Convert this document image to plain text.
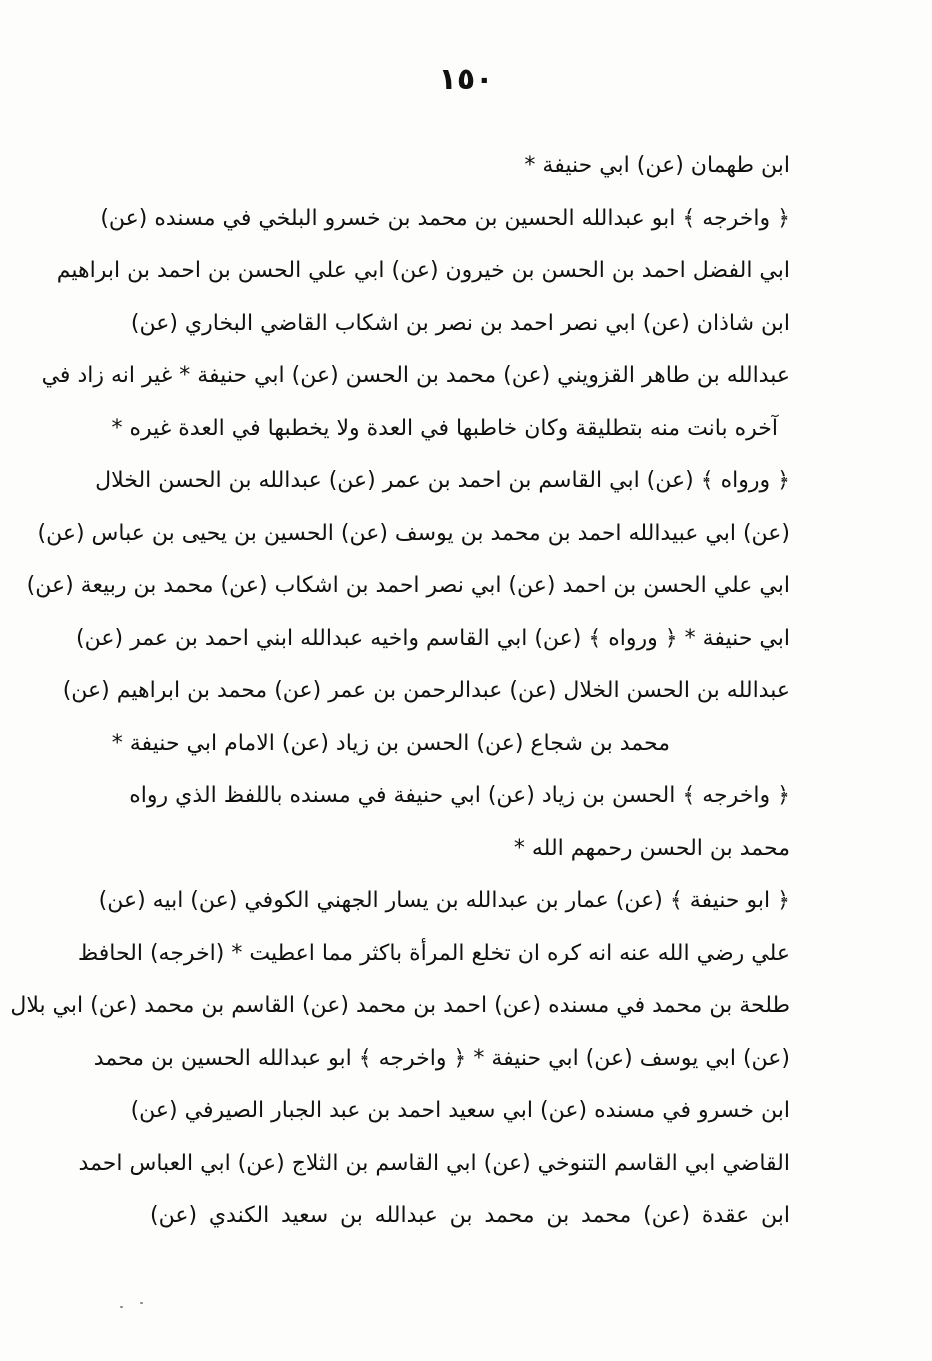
١٥٠
ابن طهمان (عن) ابي حنيفة *
﴿ واخرجه ﴾ ابو عبدالله الحسين بن محمد بن خسرو البلخي في مسنده (عن)
ابي الفضل احمد بن الحسن بن خيرون (عن) ابي علي الحسن بن احمد بن ابراهيم
ابن شاذان (عن) ابي نصر احمد بن نصر بن اشكاب القاضي البخاري (عن)
عبدالله بن طاهر القزويني (عن) محمد بن الحسن (عن) ابي حنيفة * غير انه زاد في
آخره بانت منه بتطليقة وكان خاطبها في العدة ولا يخطبها في العدة غيره *
﴿ ورواه ﴾ (عن) ابي القاسم بن احمد بن عمر (عن) عبدالله بن الحسن الخلال
(عن) ابي عبيدالله احمد بن محمد بن يوسف (عن) الحسين بن يحيى بن عباس (عن)
ابي علي الحسن بن احمد (عن) ابي نصر احمد بن اشكاب (عن) محمد بن ربيعة (عن)
ابي حنيفة * ﴿ ورواه ﴾ (عن) ابي القاسم واخيه عبدالله ابني احمد بن عمر (عن)
عبدالله بن الحسن الخلال (عن) عبدالرحمن بن عمر (عن) محمد بن ابراهيم (عن)
محمد بن شجاع (عن) الحسن بن زياد (عن) الامام ابي حنيفة *
﴿ واخرجه ﴾ الحسن بن زياد (عن) ابي حنيفة في مسنده باللفظ الذي رواه
محمد بن الحسن رحمهم الله *
﴿ ابو حنيفة ﴾ (عن) عمار بن عبدالله بن يسار الجهني الكوفي (عن) ابيه (عن)
علي رضي الله عنه انه كره ان تخلع المرأة باكثر مما اعطيت * (اخرجه) الحافظ
طلحة بن محمد في مسنده (عن) احمد بن محمد (عن) القاسم بن محمد (عن) ابي بلال
(عن) ابي يوسف (عن) ابي حنيفة * ﴿ واخرجه ﴾ ابو عبدالله الحسين بن محمد
ابن خسرو في مسنده (عن) ابي سعيد احمد بن عبد الجبار الصيرفي (عن)
القاضي ابي القاسم التنوخي (عن) ابي القاسم بن الثلاج (عن) ابي العباس احمد
ابن عقدة (عن) محمد بن محمد بن عبدالله بن سعيد الكندي (عن)
